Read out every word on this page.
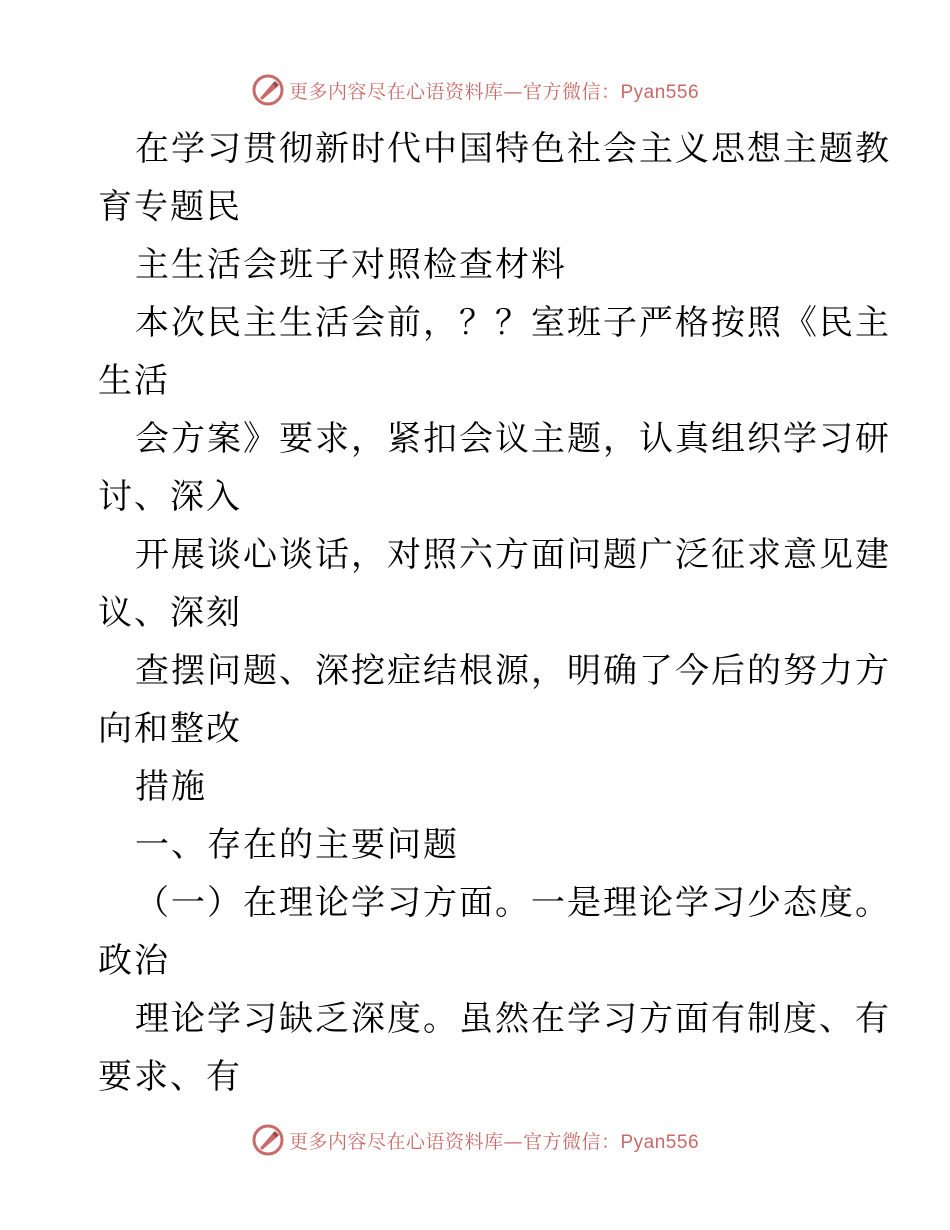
更多内容尽在心语资料库—官方微信：Pyan556
在学习贯彻新时代中国特色社会主义思想主题教
育专题民
主生活会班子对照检查材料
本次民主生活会前，？？室班子严格按照《民主
生活
会方案》要求，紧扣会议主题，认真组织学习研
讨、深入
开展谈心谈话，对照六方面问题广泛征求意见建
议、深刻
查摆问题、深挖症结根源，明确了今后的努力方
向和整改
措施
一、存在的主要问题
（一）在理论学习方面。一是理论学习少态度。
政治
理论学习缺乏深度。虽然在学习方面有制度、有
要求、有
更多内容尽在心语资料库—官方微信：Pyan556
